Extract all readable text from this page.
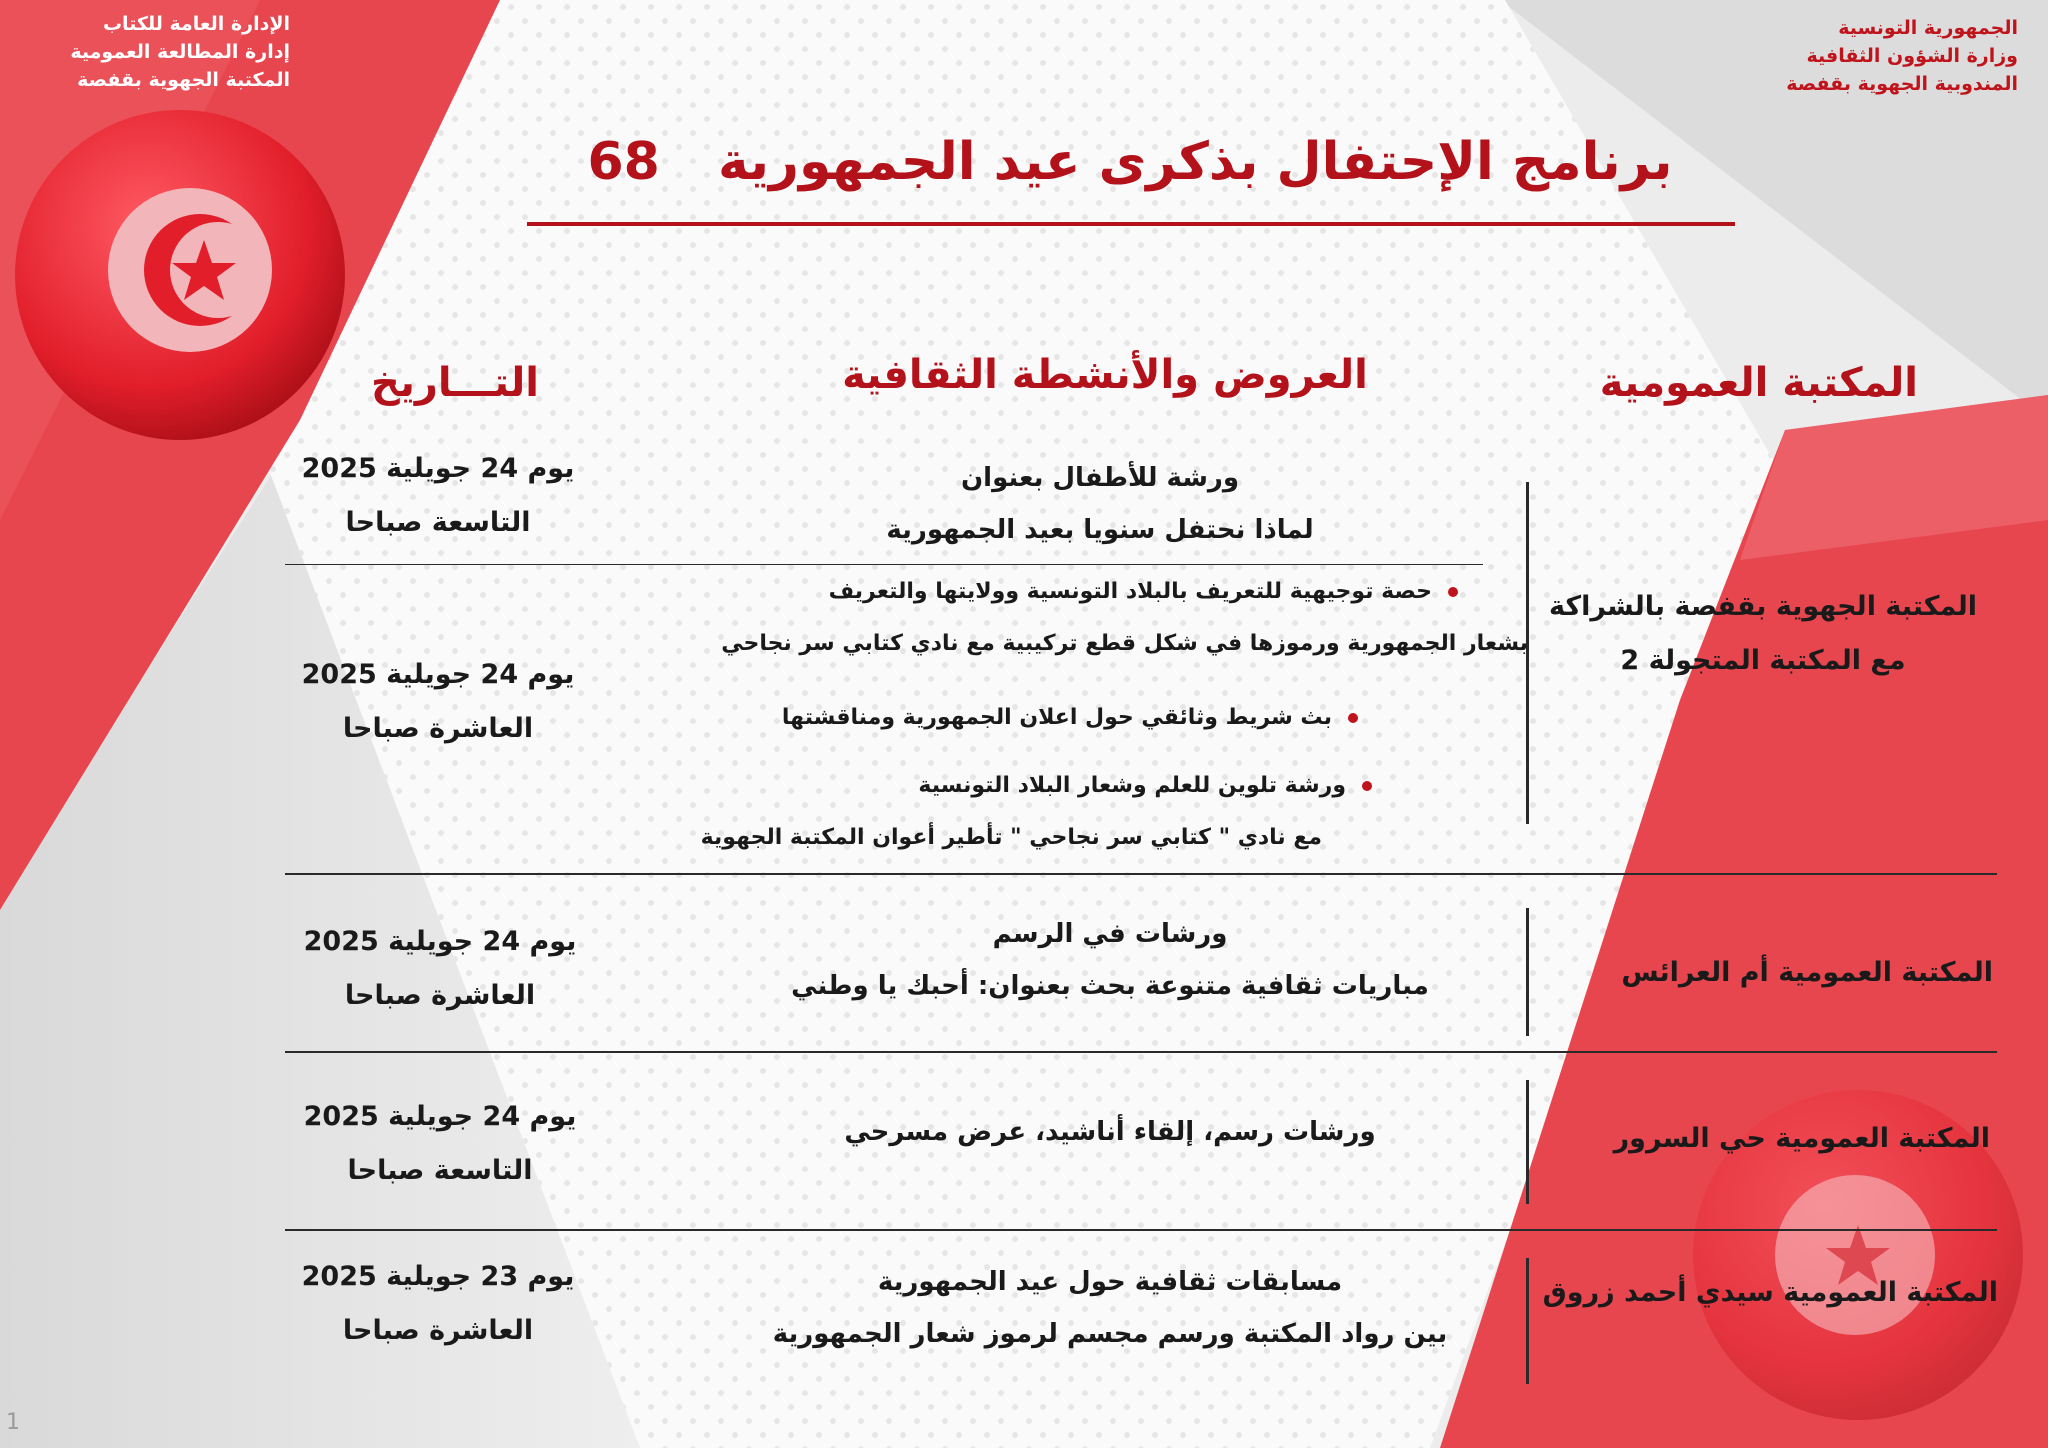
الجمهورية التونسية
وزارة الشؤون الثقافية
المندوبية الجهوية بقفصة
الإدارة العامة للكتاب
إدارة المطالعة العمومية
المكتبة الجهوية بقفصة
برنامج الإحتفال بذكرى عيد الجمهورية 68
المكتبة العمومية
العروض والأنشطة الثقافية
التـــاريخ
المكتبة الجهوية بقفصة بالشراكة
مع المكتبة المتجولة 2
ورشة للأطفال بعنوان
لماذا نحتفل سنويا بعيد الجمهورية
يوم 24 جويلية 2025
التاسعة صباحا
حصة توجيهية للتعريف بالبلاد التونسية وولايتها والتعريف
بشعار الجمهورية ورموزها في شكل قطع تركيبية مع نادي كتابي سر نجاحي
بث شريط وثائقي حول اعلان الجمهورية ومناقشتها
ورشة تلوين للعلم وشعار البلاد التونسية
مع نادي " كتابي سر نجاحي " تأطير أعوان المكتبة الجهوية
يوم 24 جويلية 2025
العاشرة صباحا
المكتبة العمومية أم العرائس
ورشات في الرسم
مباريات ثقافية متنوعة بحث بعنوان: أحبك يا وطني
يوم 24 جويلية 2025
العاشرة صباحا
المكتبة العمومية حي السرور
ورشات رسم، إلقاء أناشيد، عرض مسرحي
يوم 24 جويلية 2025
التاسعة صباحا
المكتبة العمومية سيدي أحمد زروق
مسابقات ثقافية حول عيد الجمهورية
بين رواد المكتبة ورسم مجسم لرموز شعار الجمهورية
يوم 23 جويلية 2025
العاشرة صباحا
1
